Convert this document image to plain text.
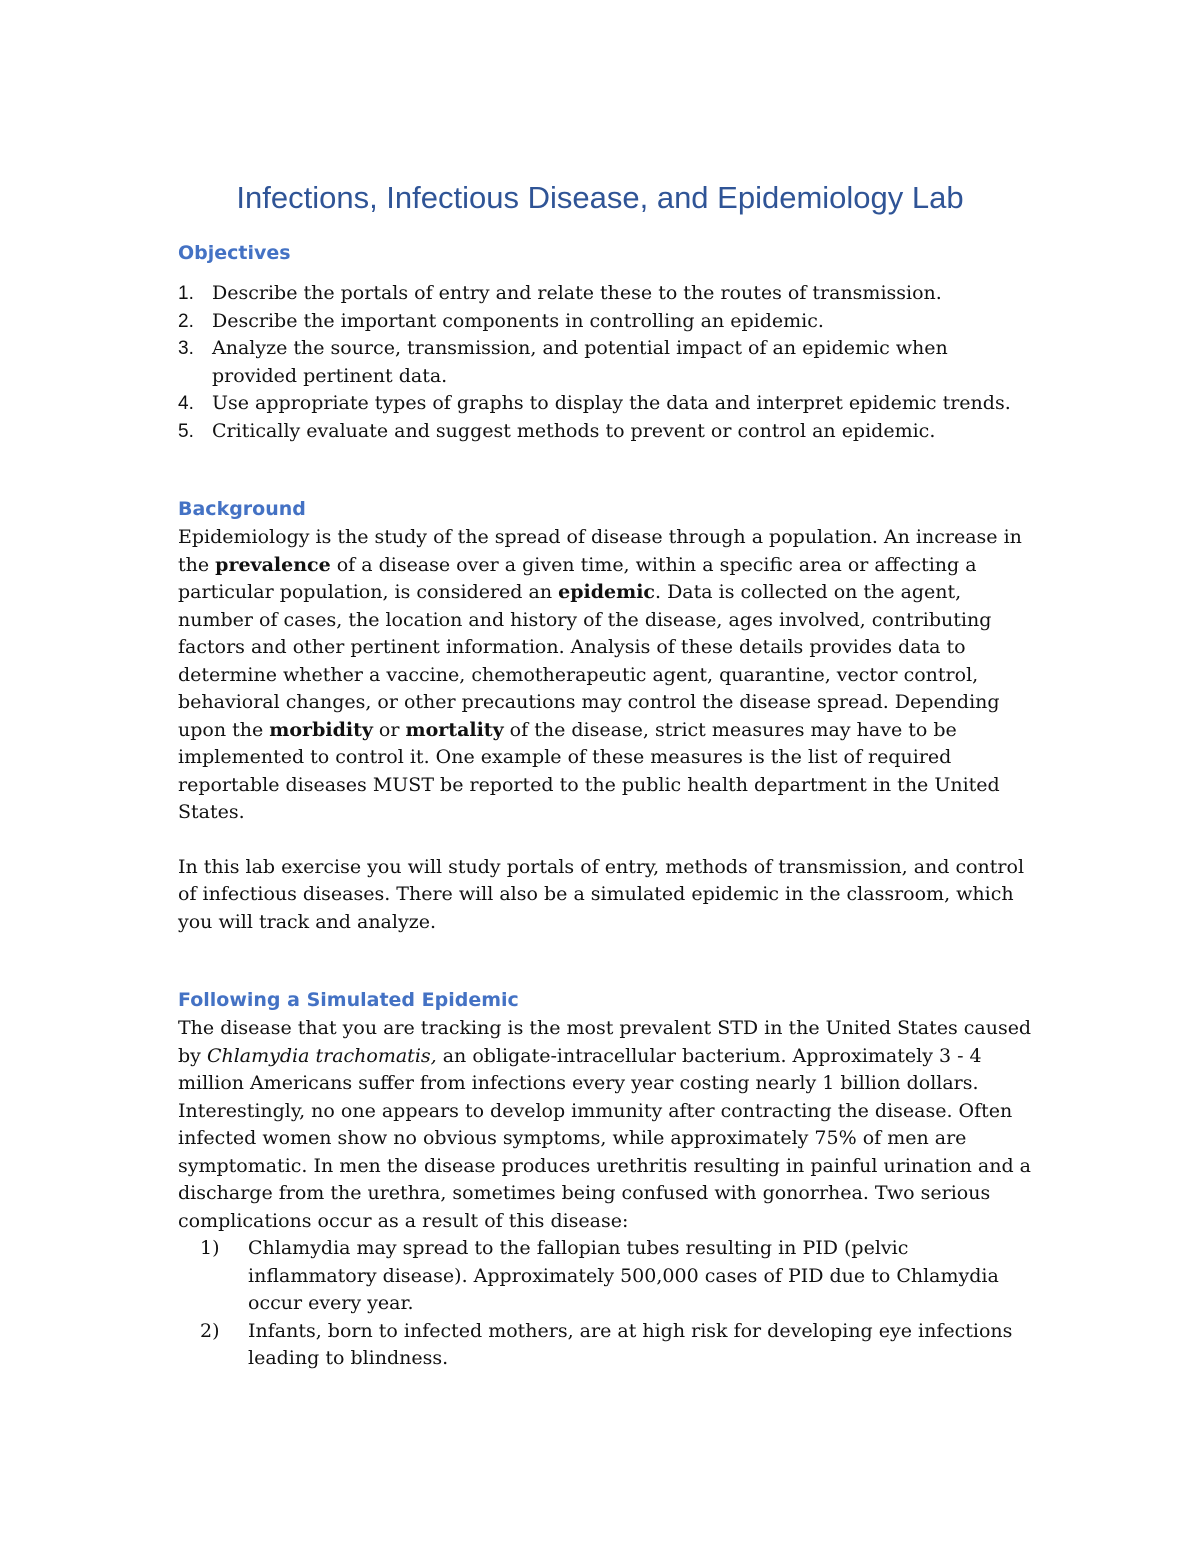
Infections, Infectious Disease, and Epidemiology Lab
Objectives
1. Describe the portals of entry and relate these to the routes of transmission.
2. Describe the important components in controlling an epidemic.
3. Analyze the source, transmission, and potential impact of an epidemic when provided pertinent data.
4. Use appropriate types of graphs to display the data and interpret epidemic trends.
5. Critically evaluate and suggest methods to prevent or control an epidemic.
Background

Epidemiology is the study of the spread of disease through a population. An increase in the prevalence of a disease over a given time, within a specific area or affecting a particular population, is considered an epidemic. Data is collected on the agent, number of cases, the location and history of the disease, ages involved, contributing factors and other pertinent information. Analysis of these details provides data to determine whether a vaccine, chemotherapeutic agent, quarantine, vector control, behavioral changes, or other precautions may control the disease spread. Depending upon the morbidity or mortality of the disease, strict measures may have to be implemented to control it. One example of these measures is the list of required reportable diseases MUST be reported to the public health department in the United States.

In this lab exercise you will study portals of entry, methods of transmission, and control of infectious diseases. There will also be a simulated epidemic in the classroom, which you will track and analyze.

Following a Simulated Epidemic

The disease that you are tracking is the most prevalent STD in the United States caused by Chlamydia trachomatis, an obligate-intracellular bacterium. Approximately 3 - 4 million Americans suffer from infections every year costing nearly 1 billion dollars. Interestingly, no one appears to develop immunity after contracting the disease. Often infected women show no obvious symptoms, while approximately 75% of men are symptomatic. In men the disease produces urethritis resulting in painful urination and a discharge from the urethra, sometimes being confused with gonorrhea. Two serious complications occur as a result of this disease:

1) Chlamydia may spread to the fallopian tubes resulting in PID (pelvic inflammatory disease). Approximately 500,000 cases of PID due to Chlamydia occur every year.
2) Infants, born to infected mothers, are at high risk for developing eye infections leading to blindness.
